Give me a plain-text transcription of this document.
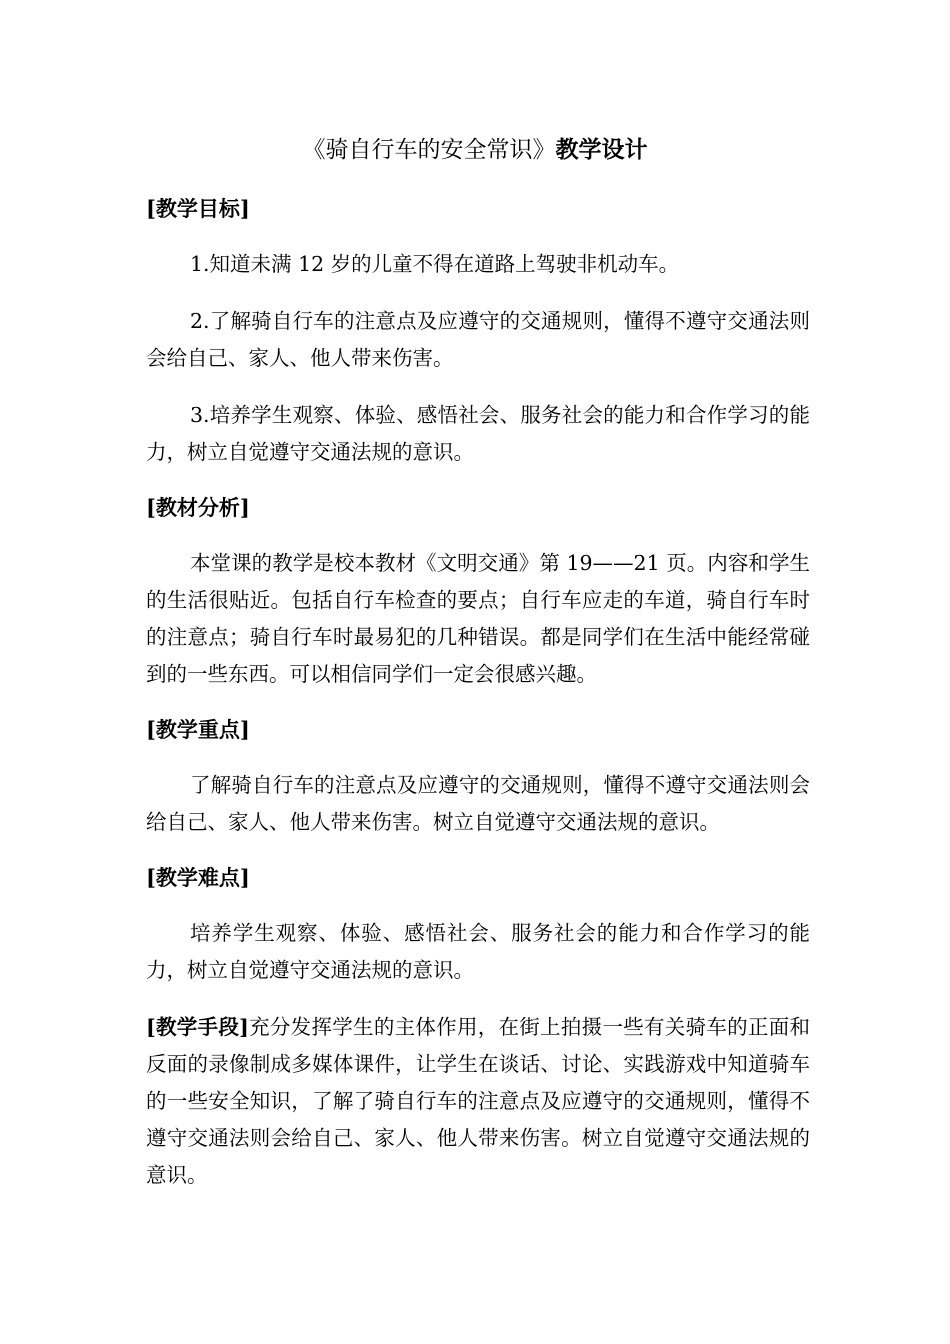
《骑自行车的安全常识》教学设计
[教学目标]

1.知道未满 12 岁的儿童不得在道路上驾驶非机动车。

2.了解骑自行车的注意点及应遵守的交通规则，懂得不遵守交通法则会给自己、家人、他人带来伤害。

3.培养学生观察、体验、感悟社会、服务社会的能力和合作学习的能力，树立自觉遵守交通法规的意识。

[教材分析]

本堂课的教学是校本教材《文明交通》第 19——21 页。内容和学生的生活很贴近。包括自行车检查的要点；自行车应走的车道，骑自行车时的注意点；骑自行车时最易犯的几种错误。都是同学们在生活中能经常碰到的一些东西。可以相信同学们一定会很感兴趣。

[教学重点]

了解骑自行车的注意点及应遵守的交通规则，懂得不遵守交通法则会给自己、家人、他人带来伤害。树立自觉遵守交通法规的意识。

[教学难点]

培养学生观察、体验、感悟社会、服务社会的能力和合作学习的能力，树立自觉遵守交通法规的意识。

[教学手段]充分发挥学生的主体作用，在街上拍摄一些有关骑车的正面和反面的录像制成多媒体课件，让学生在谈话、讨论、实践游戏中知道骑车的一些安全知识，了解了骑自行车的注意点及应遵守的交通规则，懂得不遵守交通法则会给自己、家人、他人带来伤害。树立自觉遵守交通法规的意识。
